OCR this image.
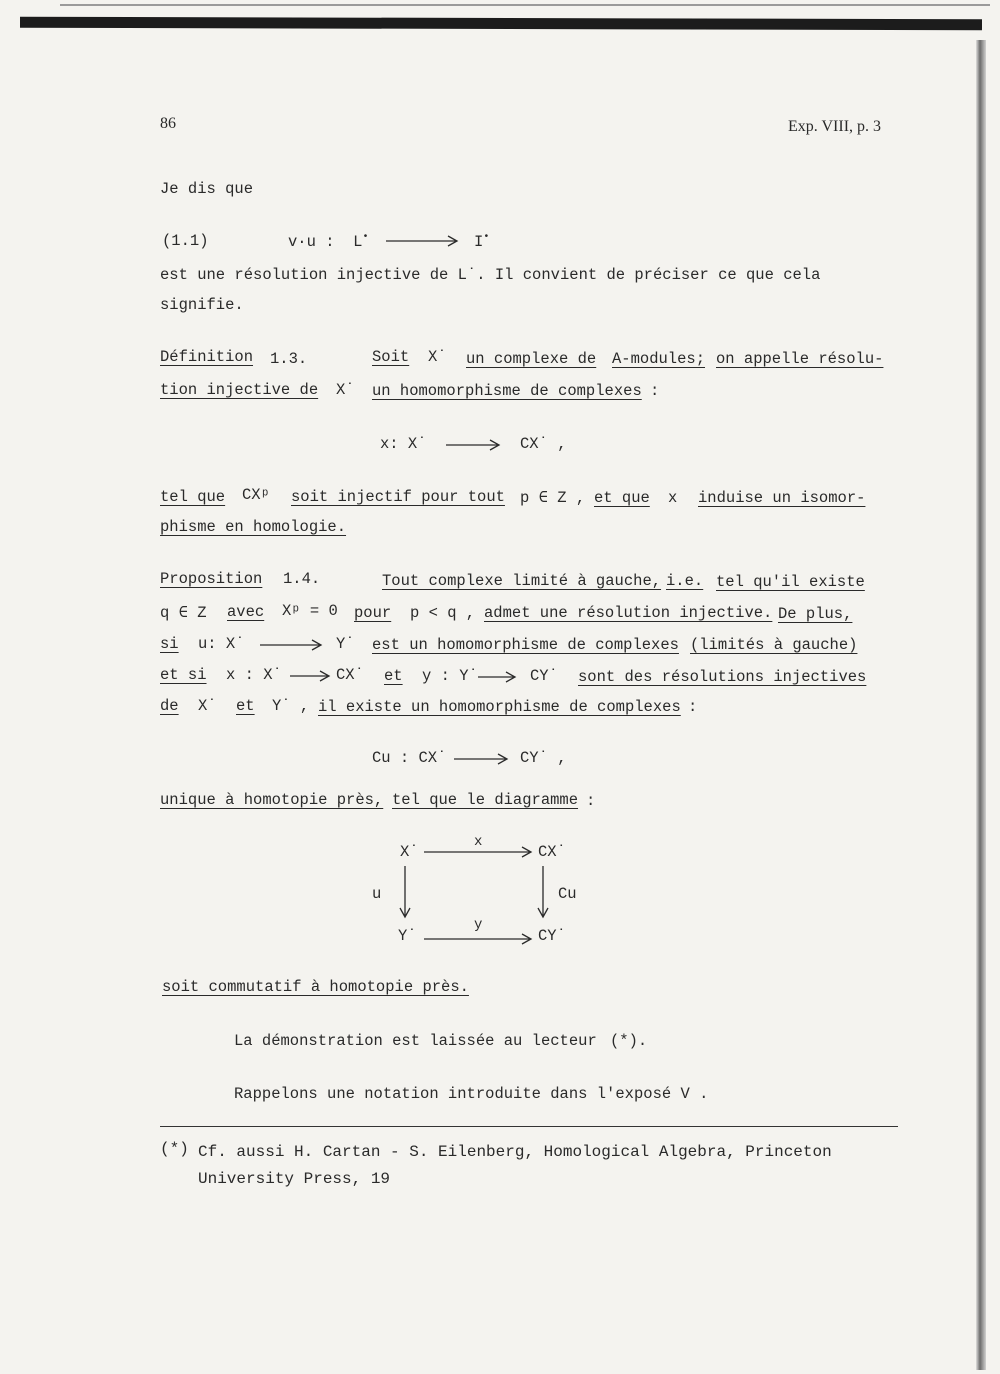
86	Exp. VIII, p. 3
Je dis que
(1.1)	v·u : L•	I•
est une résolution injective de L˙. Il convient de préciser ce que cela
signifie.
Définition 1.3.	Soit X˙ un complexe de A-modules; on appelle résolu-
tion injective de X˙ un homomorphisme de complexes :
x: X˙	CX˙ ,
tel que CXᵖ soit injectif pour tout p ∈ Z , et que x induise un isomor-
phisme en homologie.
Proposition 1.4.	Tout complexe limité à gauche, i.e. tel qu'il existe
q ∈ Z avec Xᵖ = 0 pour p < q , admet une résolution injective. De plus,
si u: X˙	Y˙ est un homomorphisme de complexes (limités à gauche)
et si x : X˙	CX˙ et y : Y˙	CY˙ sont des résolutions injectives
de X˙ et Y˙ , il existe un homomorphisme de complexes :
Cu : CX˙	CY˙ ,
unique à homotopie près, tel que le diagramme :
X˙	CX˙
x
u	Cu
Y˙	CY˙
y
soit commutatif à homotopie près.
La démonstration est laissée au lecteur (*).
Rappelons une notation introduite dans l'exposé V .
(*) Cf. aussi H. Cartan - S. Eilenberg, Homological Algebra, Princeton
University Press, 19
